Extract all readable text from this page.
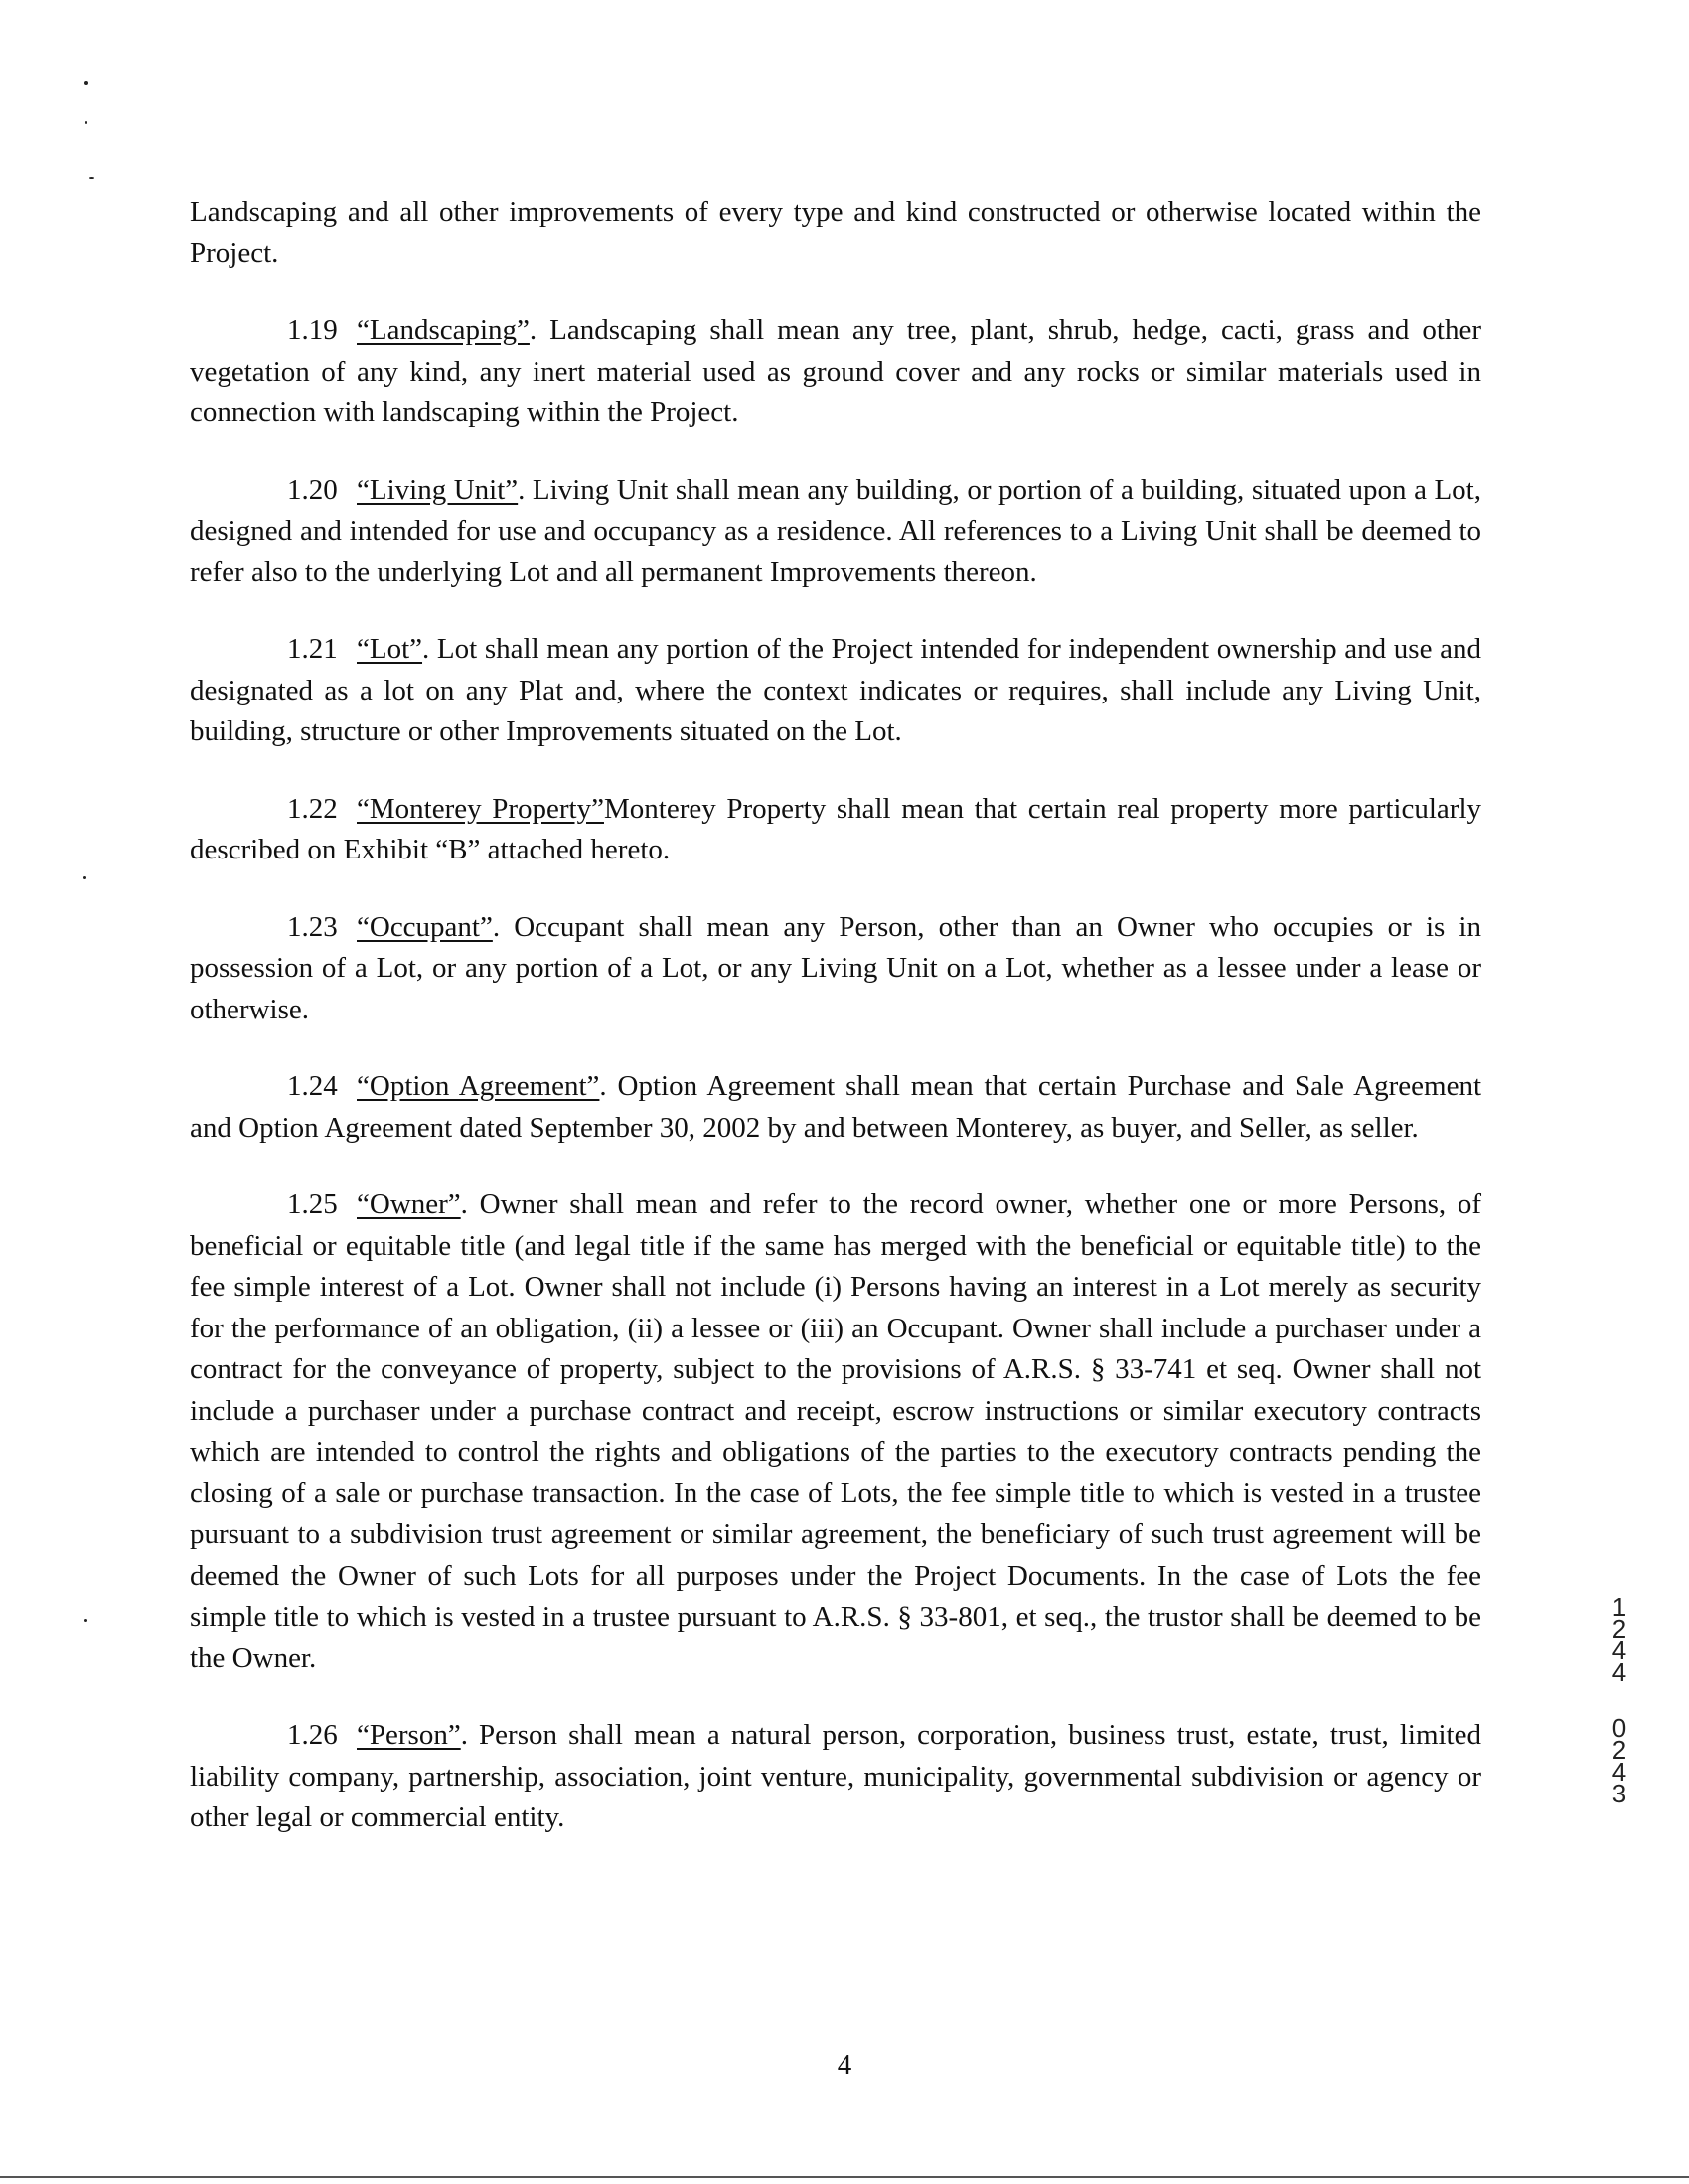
Landscaping and all other improvements of every type and kind constructed or otherwise located within the Project.

1.19 “Landscaping”. Landscaping shall mean any tree, plant, shrub, hedge, cacti, grass and other vegetation of any kind, any inert material used as ground cover and any rocks or similar materials used in connection with landscaping within the Project.

1.20 “Living Unit”. Living Unit shall mean any building, or portion of a building, situated upon a Lot, designed and intended for use and occupancy as a residence. All references to a Living Unit shall be deemed to refer also to the underlying Lot and all permanent Improvements thereon.

1.21 “Lot”. Lot shall mean any portion of the Project intended for independent ownership and use and designated as a lot on any Plat and, where the context indicates or requires, shall include any Living Unit, building, structure or other Improvements situated on the Lot.

1.22 “Monterey Property”Monterey Property shall mean that certain real property more particularly described on Exhibit “B” attached hereto.

1.23 “Occupant”. Occupant shall mean any Person, other than an Owner who occupies or is in possession of a Lot, or any portion of a Lot, or any Living Unit on a Lot, whether as a lessee under a lease or otherwise.

1.24 “Option Agreement”. Option Agreement shall mean that certain Purchase and Sale Agreement and Option Agreement dated September 30, 2002 by and between Monterey, as buyer, and Seller, as seller.

1.25 “Owner”. Owner shall mean and refer to the record owner, whether one or more Persons, of beneficial or equitable title (and legal title if the same has merged with the beneficial or equitable title) to the fee simple interest of a Lot. Owner shall not include (i) Persons having an interest in a Lot merely as security for the performance of an obligation, (ii) a lessee or (iii) an Occupant. Owner shall include a purchaser under a contract for the conveyance of property, subject to the provisions of A.R.S. § 33-741 et seq. Owner shall not include a purchaser under a purchase contract and receipt, escrow instructions or similar executory contracts which are intended to control the rights and obligations of the parties to the executory contracts pending the closing of a sale or purchase transaction. In the case of Lots, the fee simple title to which is vested in a trustee pursuant to a subdivision trust agreement or similar agreement, the beneficiary of such trust agreement will be deemed the Owner of such Lots for all purposes under the Project Documents. In the case of Lots the fee simple title to which is vested in a trustee pursuant to A.R.S. § 33-801, et seq., the trustor shall be deemed to be the Owner.

1.26 “Person”. Person shall mean a natural person, corporation, business trust, estate, trust, limited liability company, partnership, association, joint venture, municipality, governmental subdivision or agency or other legal or commercial entity.

1
2
4
4
0
2
4
3
4
